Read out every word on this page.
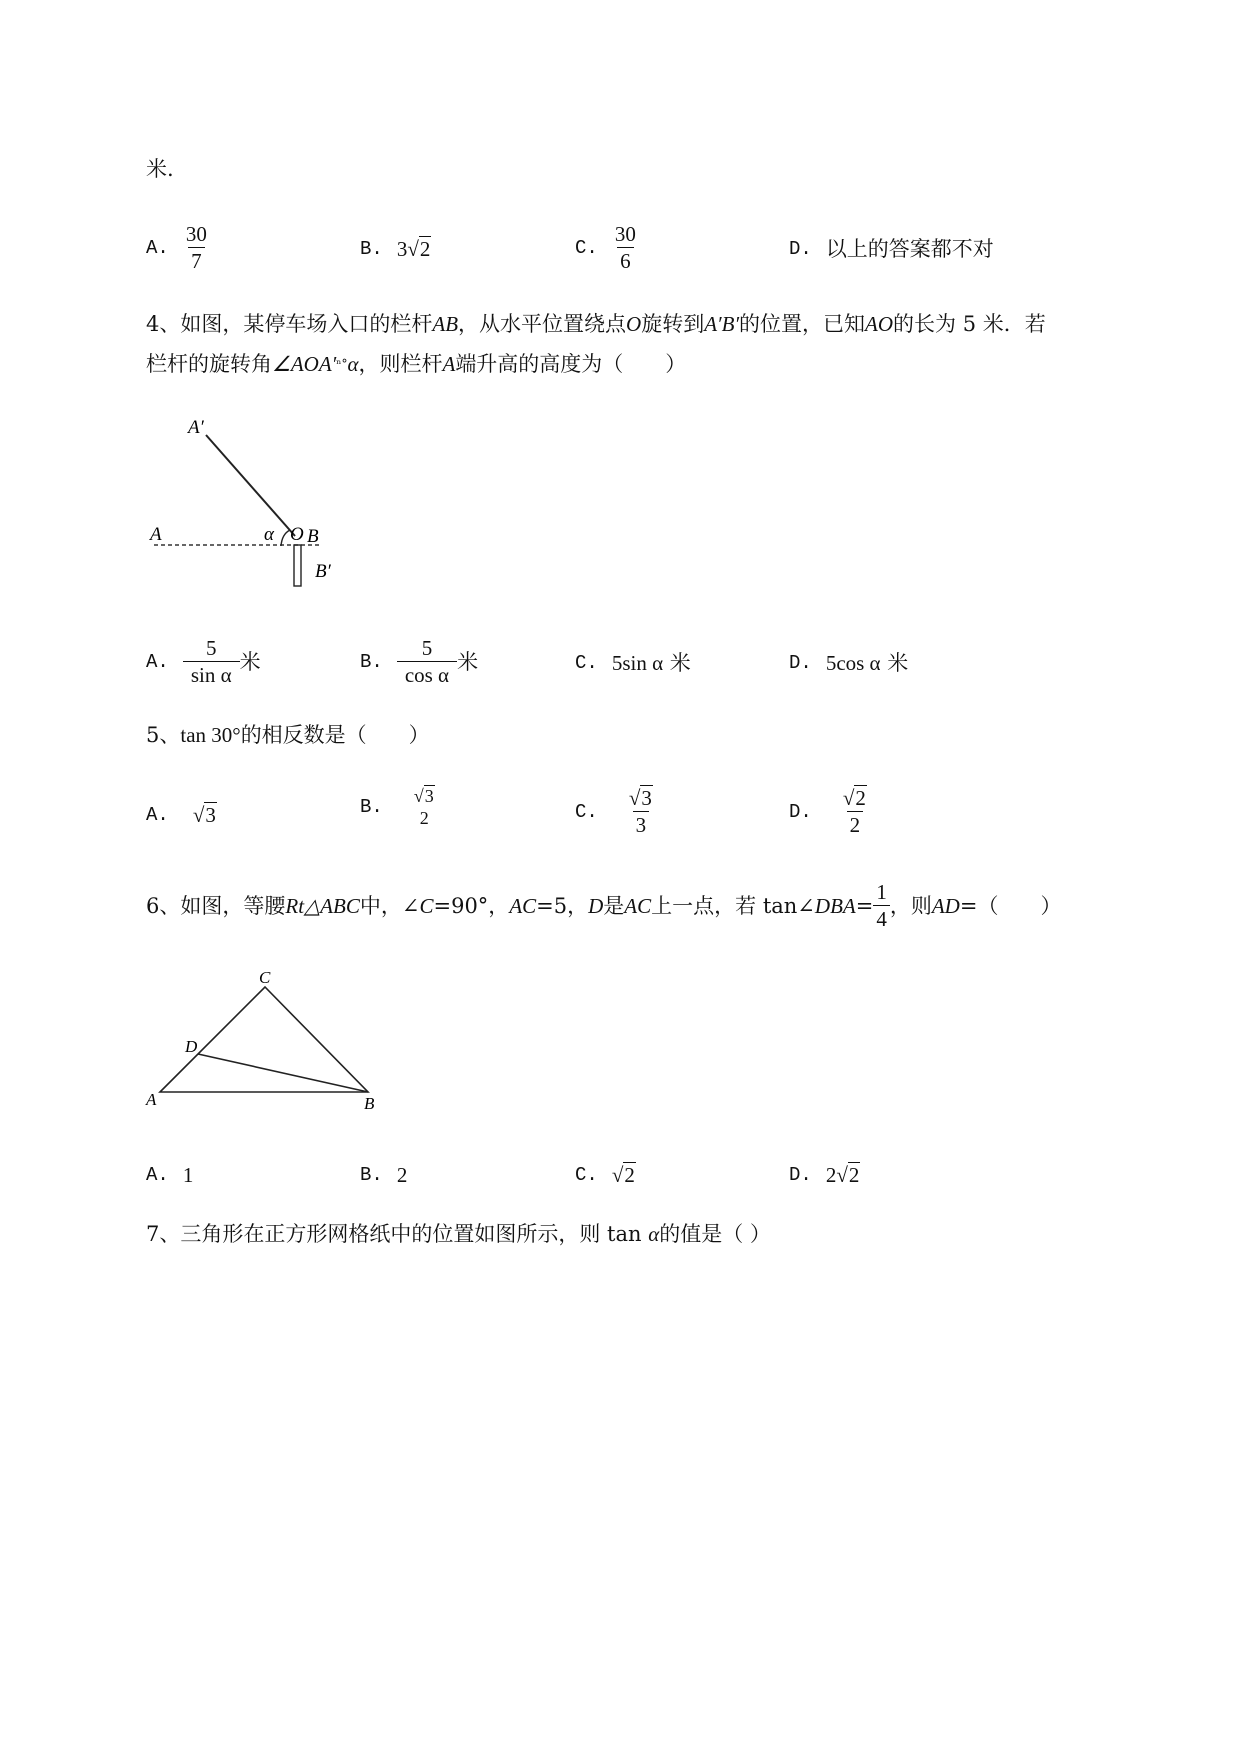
米.
A. $\frac{30}{7}$	B. 3 √2	C. $\frac{30}{6}$	D. 以上的答案都不对
4、如图，某停车场入口的栏杆AB，从水平位置绕点O旋转到A′B′的位置，已知AO的长为 5 米．若
栏杆的旋转角$\angle AOA'^{^n^\circ}\alpha$，则栏杆A端升高的高度为（　　）
A′
A	α O B
B′
A. $\frac{5}{\text{sin α}}$ 米	B. $\frac{5}{\text{cos α}}$ 米	C. 5sin α
米	D. 5cos α
米
5、tan 30°的相反数是（　　）
A. √3	B. √3
2	C. $\frac{√3}{3}$	D. $\frac{√2}{2}$
6、如图，等腰 Rt△ABC 中，∠ C =90°， AC =5， D 是 AC 上一点，若 tan∠ DBA = $\frac{1}{4}$ ，则 AD =（　　）
C
D
A	B
A. 1	B. 2	C. √2	D. 2 √2
7、三角形在正方形网格纸中的位置如图所示，则 tan α的值是（ ）
